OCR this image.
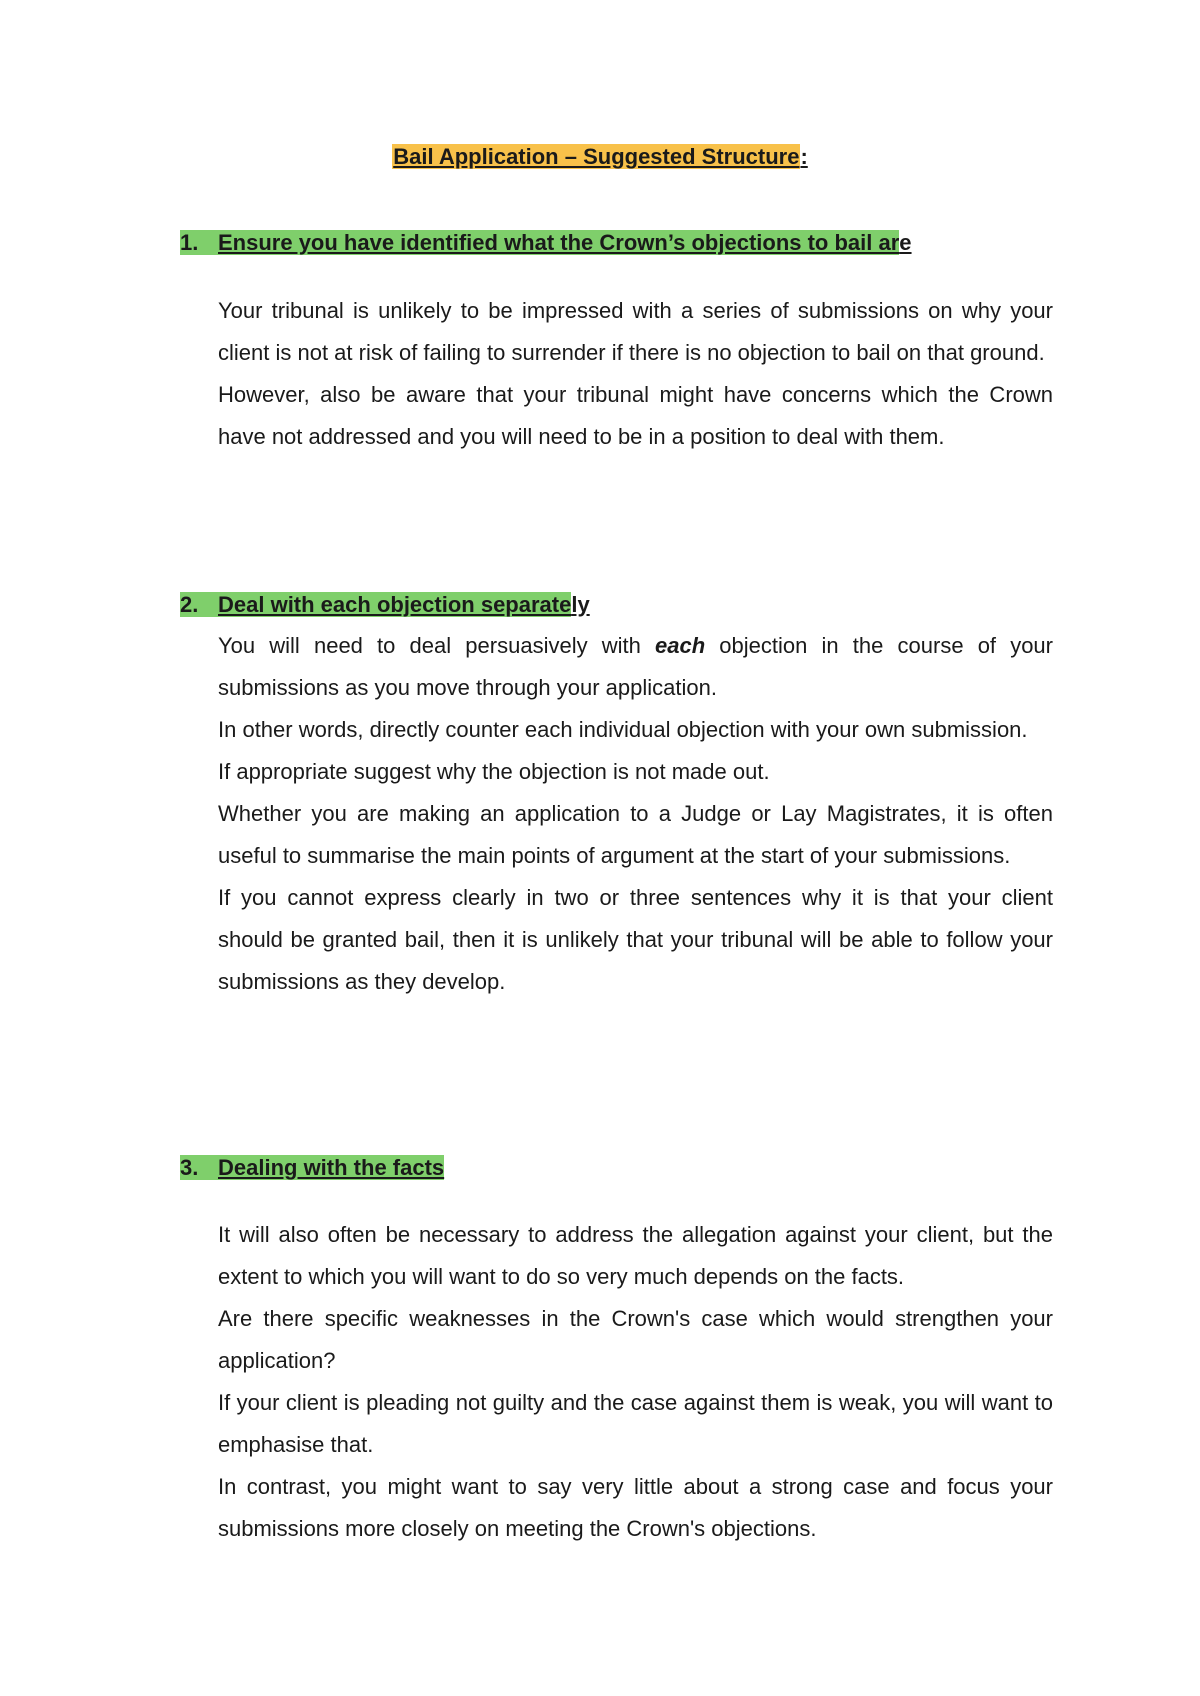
Bail Application – Suggested Structure:
1. Ensure you have identified what the Crown’s objections to bail are

Your tribunal is unlikely to be impressed with a series of submissions on why your client is not at risk of failing to surrender if there is no objection to bail on that ground.

However, also be aware that your tribunal might have concerns which the Crown have not addressed and you will need to be in a position to deal with them.

2. Deal with each objection separately

You will need to deal persuasively with each objection in the course of your submissions as you move through your application.

In other words, directly counter each individual objection with your own submission.

If appropriate suggest why the objection is not made out.

Whether you are making an application to a Judge or Lay Magistrates, it is often useful to summarise the main points of argument at the start of your submissions.

If you cannot express clearly in two or three sentences why it is that your client should be granted bail, then it is unlikely that your tribunal will be able to follow your submissions as they develop.

3. Dealing with the facts

It will also often be necessary to address the allegation against your client, but the extent to which you will want to do so very much depends on the facts.

Are there specific weaknesses in the Crown's case which would strengthen your application?

If your client is pleading not guilty and the case against them is weak, you will want to emphasise that.

In contrast, you might want to say very little about a strong case and focus your submissions more closely on meeting the Crown's objections.
